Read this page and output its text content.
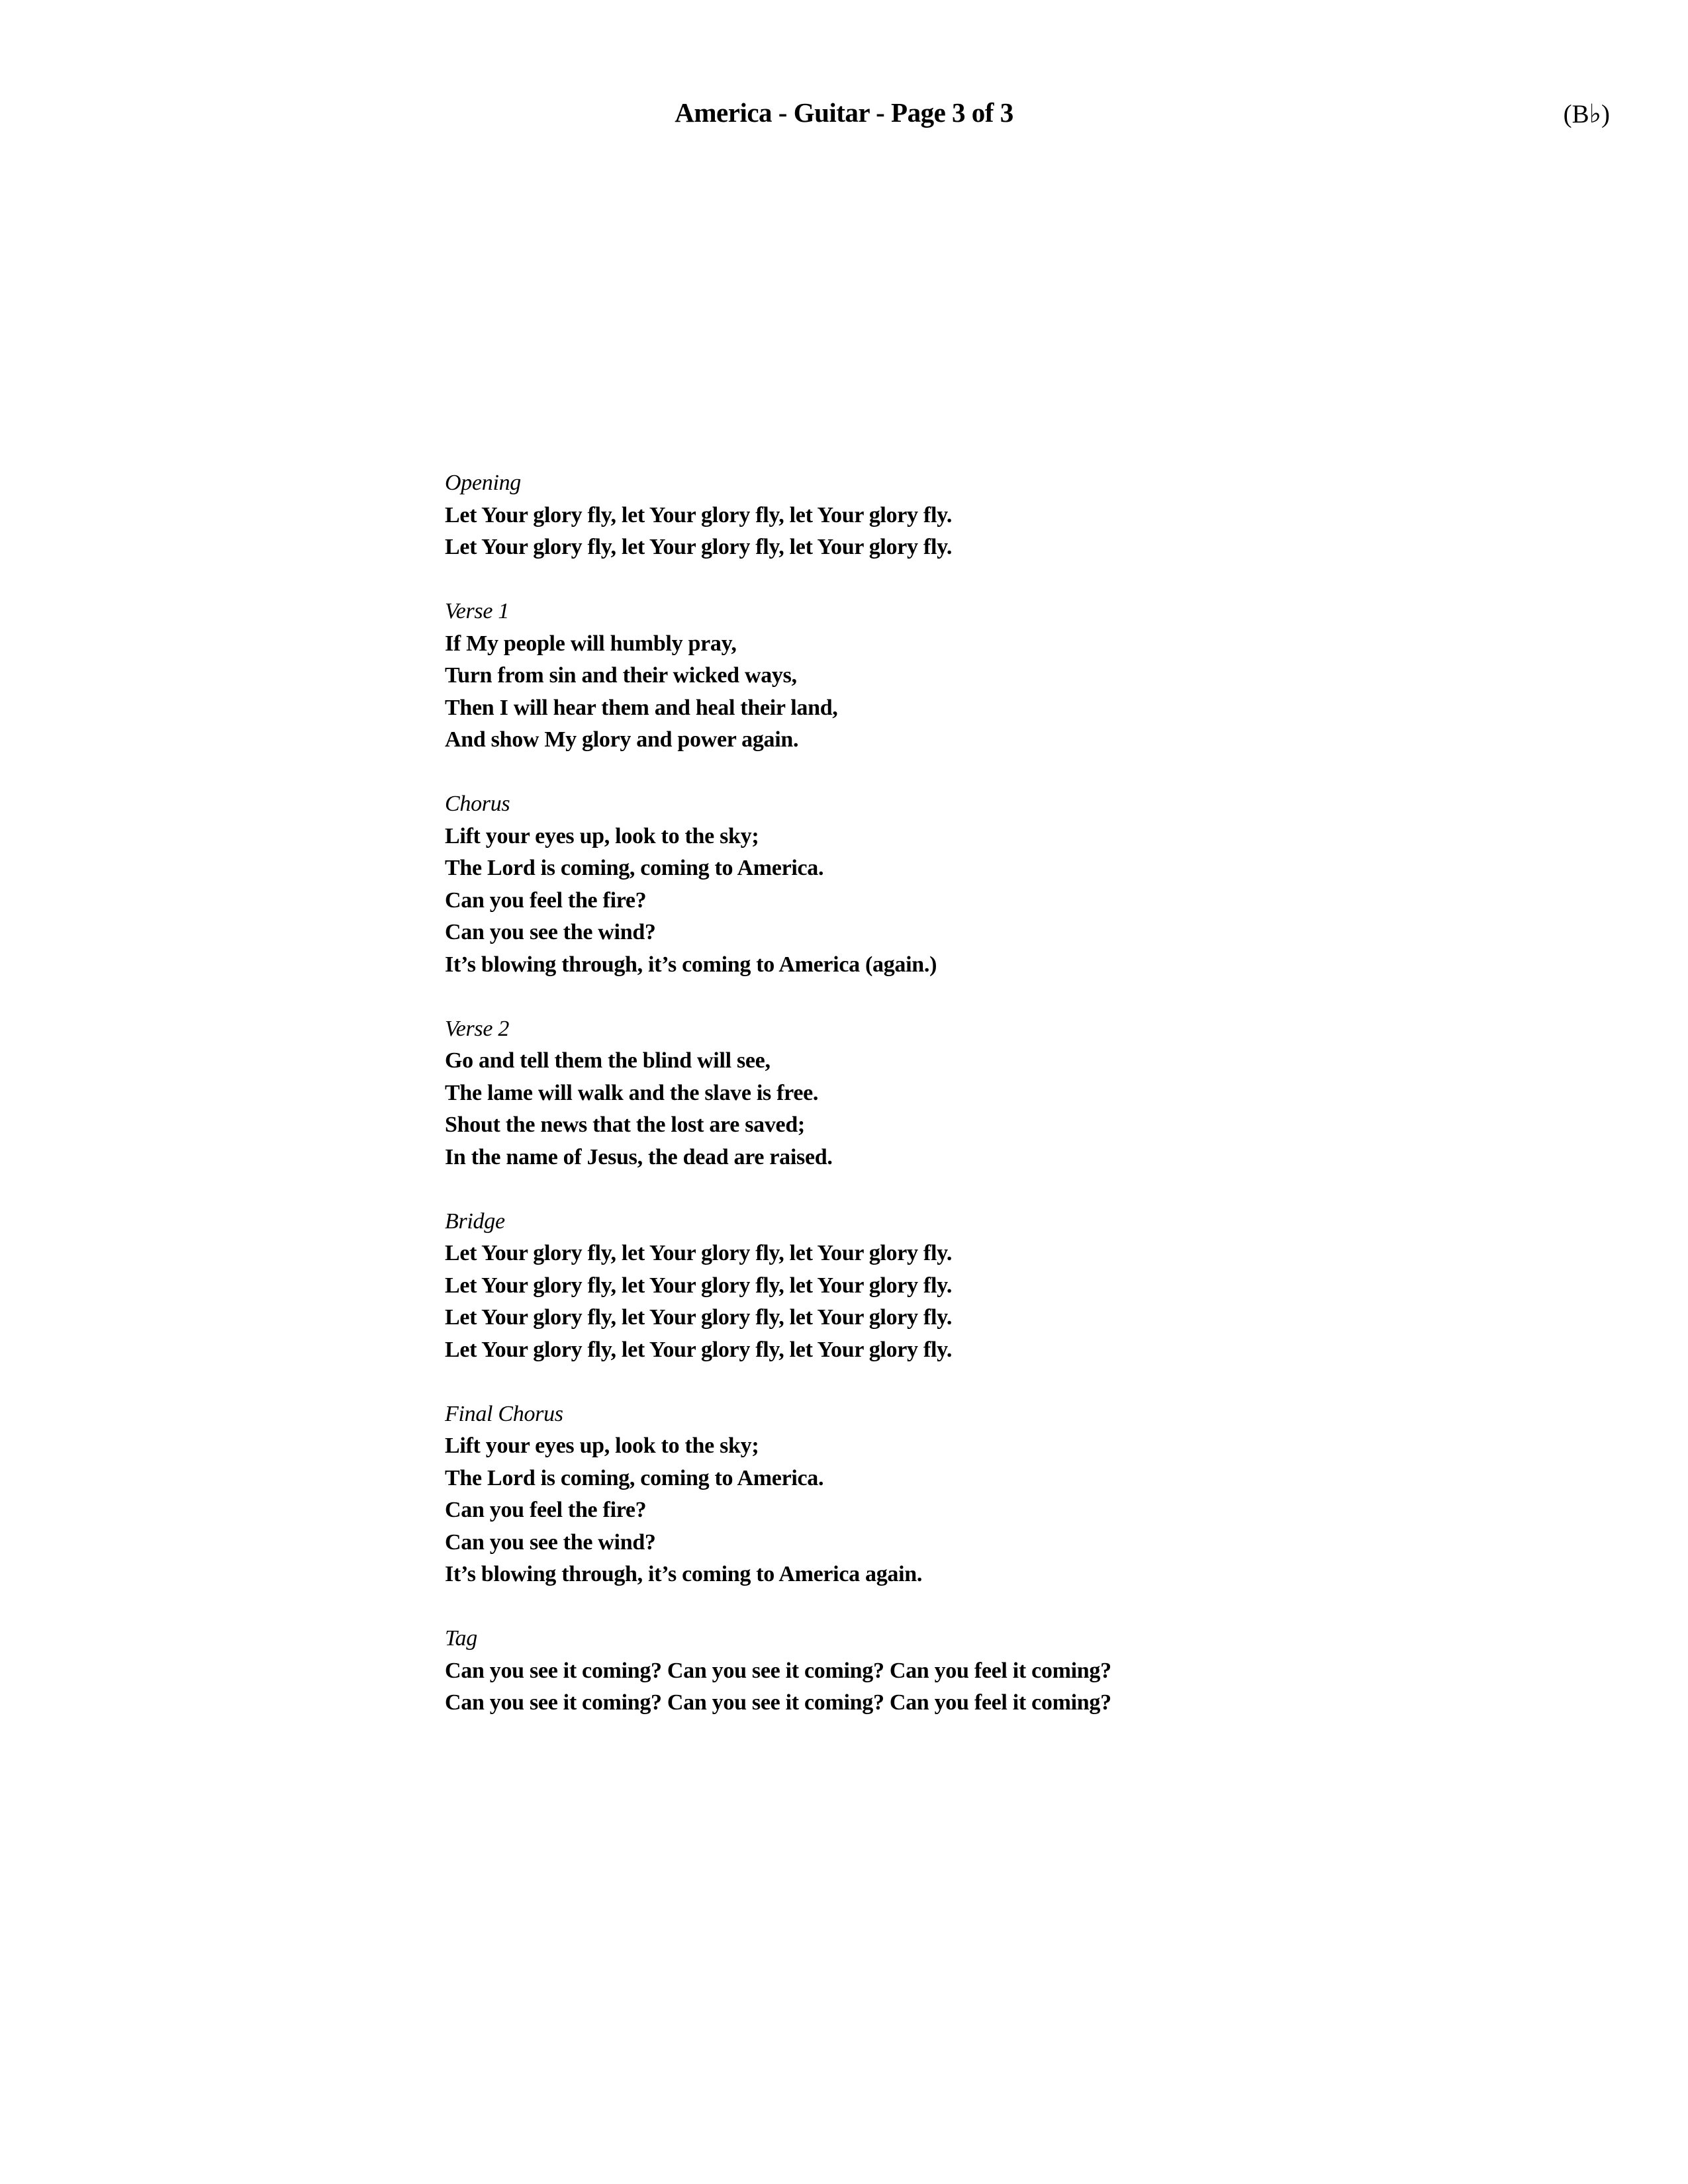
America - Guitar - Page 3 of 3	(B♭)
Opening
Let Your glory fly, let Your glory fly, let Your glory fly.
Let Your glory fly, let Your glory fly, let Your glory fly.
Verse 1
If My people will humbly pray,
Turn from sin and their wicked ways,
Then I will hear them and heal their land,
And show My glory and power again.
Chorus
Lift your eyes up, look to the sky;
The Lord is coming, coming to America.
Can you feel the fire?
Can you see the wind?
It’s blowing through, it’s coming to America (again.)
Verse 2
Go and tell them the blind will see,
The lame will walk and the slave is free.
Shout the news that the lost are saved;
In the name of Jesus, the dead are raised.
Bridge
Let Your glory fly, let Your glory fly, let Your glory fly.
Let Your glory fly, let Your glory fly, let Your glory fly.
Let Your glory fly, let Your glory fly, let Your glory fly.
Let Your glory fly, let Your glory fly, let Your glory fly.
Final Chorus
Lift your eyes up, look to the sky;
The Lord is coming, coming to America.
Can you feel the fire?
Can you see the wind?
It’s blowing through, it’s coming to America again.
Tag
Can you see it coming? Can you see it coming? Can you feel it coming?
Can you see it coming? Can you see it coming? Can you feel it coming?
